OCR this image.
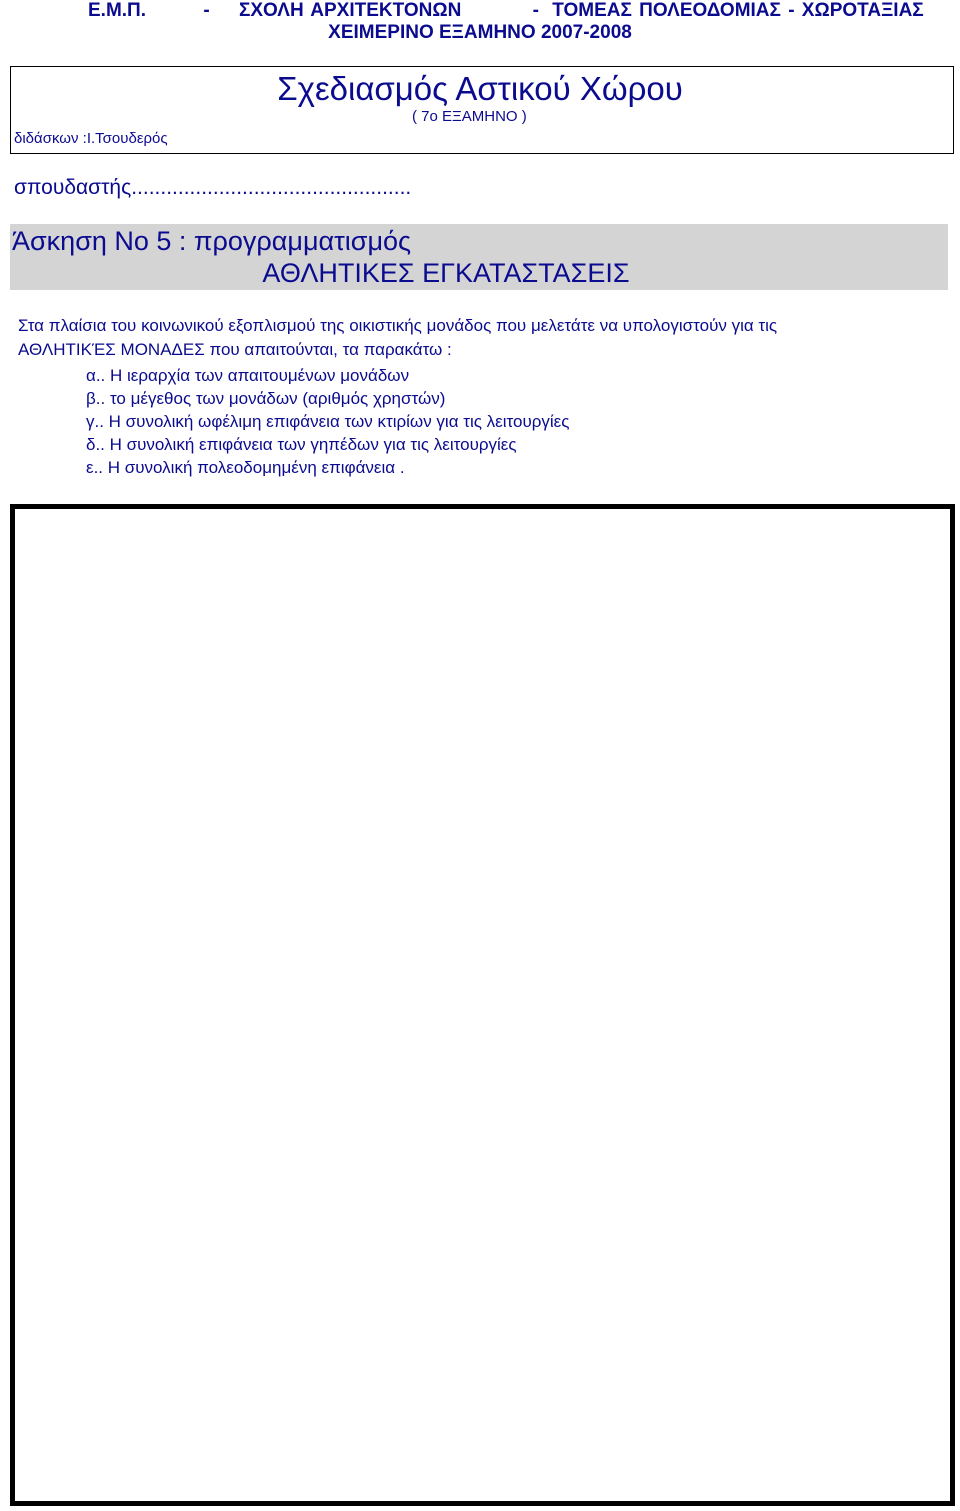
Ε.Μ.Π.	- ΣΧΟΛΗ ΑΡΧΙΤΕΚΤΟΝΩΝ	- ΤΟΜΕΑΣ ΠΟΛΕΟΔΟΜΙΑΣ - ΧΩΡΟΤΑΞΙΑΣ
ΧΕΙΜΕΡΙΝΟ ΕΞΑΜΗΝΟ 2007-2008
Σχεδιασμός Αστικού Χώρου
( 7ο ΕΞΑΜΗΝΟ )
διδάσκων :Ι.Τσουδερός
σπουδαστής................................................
Άσκηση Νο 5 : προγραμματισμός
ΑΘΛΗΤΙΚΕΣ ΕΓΚΑΤΑΣΤΑΣΕΙΣ
Στα πλαίσια του κοινωνικού εξοπλισμού της οικιστικής μονάδος που μελετάτε να υπολογιστούν για τις
ΑΘΛΗΤΙΚΈΣ ΜΟΝΑΔΕΣ που απαιτούνται, τα παρακάτω :
α.. Η ιεραρχία των απαιτουμένων μονάδων
β.. το μέγεθος των μονάδων (αριθμός χρηστών)
γ.. Η συνολική ωφέλιμη επιφάνεια των κτιρίων για τις λειτουργίες
δ.. Η συνολική επιφάνεια των γηπέδων για τις λειτουργίες
ε.. Η συνολική πολεοδομημένη επιφάνεια .
